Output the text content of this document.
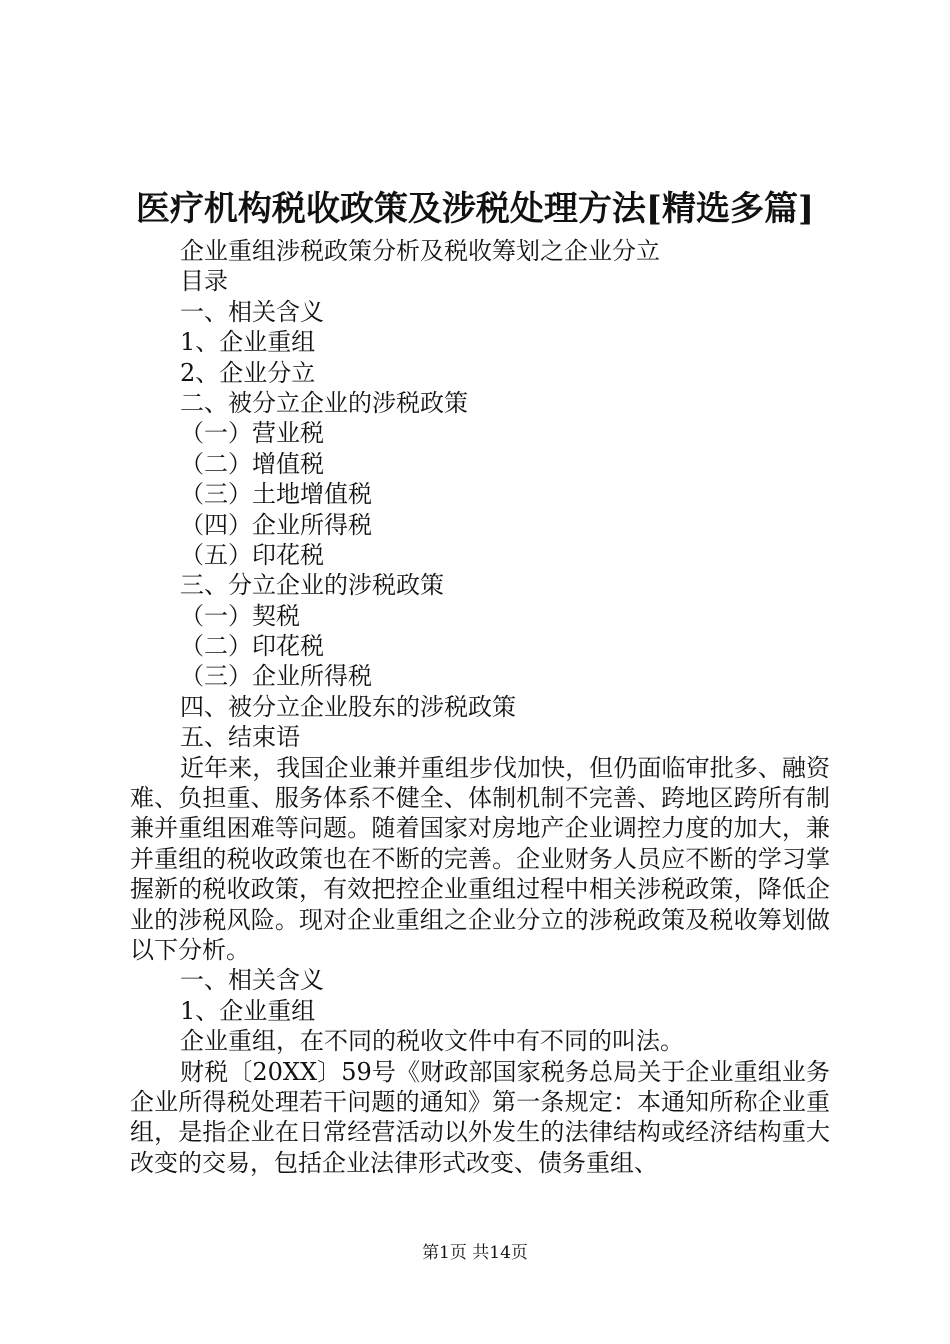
医疗机构税收政策及涉税处理方法[精选多篇]
企业重组涉税政策分析及税收筹划之企业分立
目录
一、相关含义
1、企业重组
2、企业分立
二、被分立企业的涉税政策
（一）营业税
（二）增值税
（三）土地增值税
（四）企业所得税
（五）印花税
三、分立企业的涉税政策
（一）契税
（二）印花税
（三）企业所得税
四、被分立企业股东的涉税政策
五、结束语

近年来，我国企业兼并重组步伐加快，但仍面临审批多、融资难、负担重、服务体系不健全、体制机制不完善、跨地区跨所有制兼并重组困难等问题。随着国家对房地产企业调控力度的加大，兼并重组的税收政策也在不断的完善。企业财务人员应不断的学习掌握新的税收政策，有效把控企业重组过程中相关涉税政策，降低企业的涉税风险。现对企业重组之企业分立的涉税政策及税收筹划做以下分析。

一、相关含义
1、企业重组
企业重组，在不同的税收文件中有不同的叫法。

财税〔20XX〕59号《财政部国家税务总局关于企业重组业务企业所得税处理若干问题的通知》第一条规定：本通知所称企业重组，是指企业在日常经营活动以外发生的法律结构或经济结构重大改变的交易，包括企业法律形式改变、债务重组、

第1页 共14页
